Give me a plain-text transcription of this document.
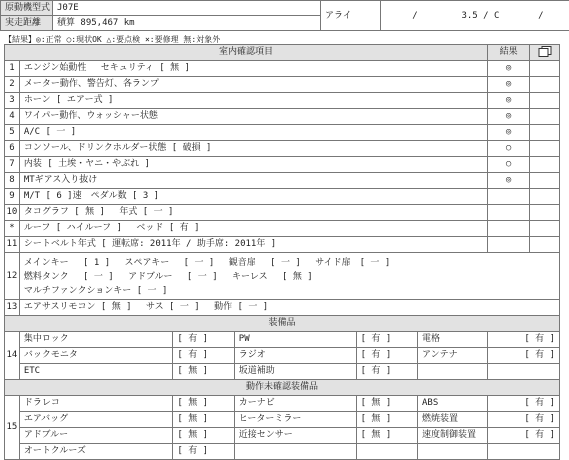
原動機型式	J07E	アライ	/ 3.5 / C /
実走距離	積算 895,467 km		
【結果】◎:正常 ○:現状OK △:要点検 ×:要修理 無:対象外
室内確認項目						結果	
1	エンジン始動性　 セキュリティ [ 無 ]					◎	
2	メーター動作、警告灯、各ランプ					◎	
3	ホーン [ エアー式 ]					◎	
4	ワイパー動作、ウォッシャー状態					◎	
5	A/C [ 一 ]					◎	
6	コンソール、ドリンクホルダー状態 [ 破損 ]					○	
7	内装 [ 土埃・ヤニ・やぶれ ]					○	
8	MTギアス入り抜け					◎	
9	M/T [ 6 ]速　ペダル数 [ 3 ]						
10	タコグラフ [ 無 ]　 年式 [ 一 ]						
*	ルーフ [ ハイルーフ ]　 ベッド [ 有 ]						
11	シートベルト年式 [ 運転席: 2011年 / 助手席: 2011年 ]						
12	メインキー　 [ 1 ]　 スペアキー　 [ 一 ]　 観音扉　 [ 一 ]　 サイド扉　[ 一 ]
燃料タンク　 [ 一 ]　 アドブルー　 [ 一 ]　 キーレス　 [ 無 ]
マルチファンクションキー [ 一 ]						

13	エアサスリモコン [ 無 ]　 サス [ 一 ]　 動作 [ 一 ]						
装備品							
14	集中ロック	[ 有 ]	PW	[ 有 ]	電格	[ 有 ]	
	バックモニタ	[ 有 ]	ラジオ	[ 有 ]	アンテナ	[ 有 ]	
	ETC	[ 無 ]	坂道補助	[ 有 ]			
動作未確認装備品							
15	ドラレコ	[ 無 ]	カーナビ	[ 無 ]	ABS	[ 有 ]	
	エアバッグ	[ 無 ]	ヒーターミラー	[ 無 ]	燃焼装置	[ 有 ]	
	アドブルー	[ 無 ]	近接センサー	[ 無 ]	速度制御装置	[ 有 ]	
	オートクルーズ	[ 有 ]					
